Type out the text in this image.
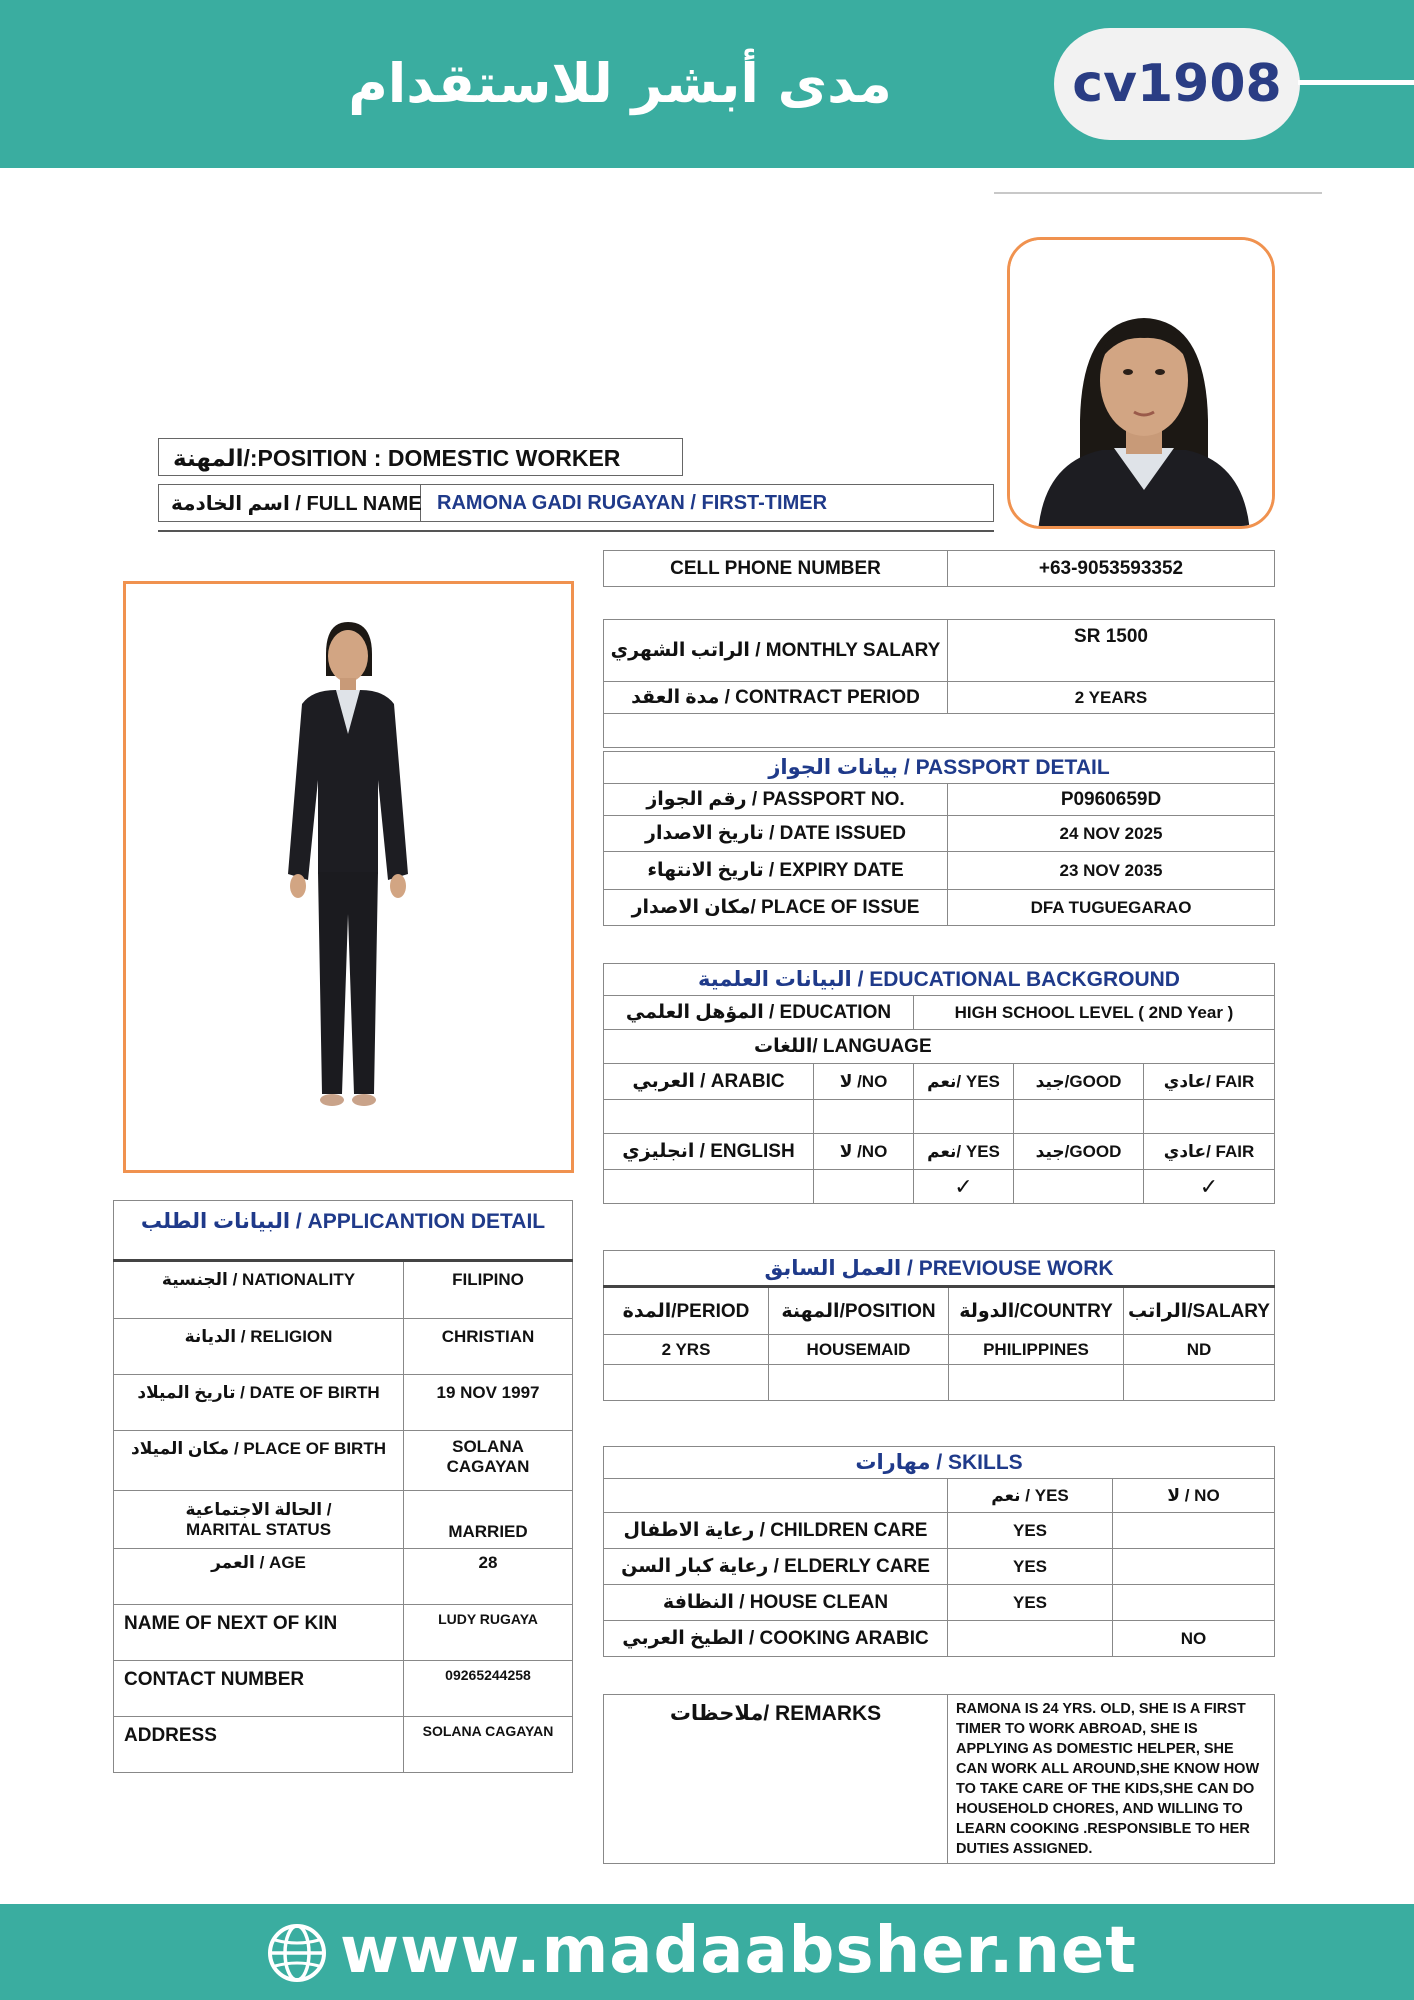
مدى أبشر للاستقدام	cv1908
المهنة/:POSITION : DOMESTIC WORKER
اسم الخادمة / FULL NAME RAMONA GADI RUGAYAN / FIRST-TIMER
CELL PHONE NUMBER	+63-9053593352
الراتب الشهري / MONTHLY SALARY	SR 1500
مدة العقد / CONTRACT PERIOD	2 YEARS

بيانات الجواز / PASSPORT DETAIL	
رقم الجواز / PASSPORT NO.	P0960659D
تاريخ الاصدار / DATE ISSUED	24 NOV 2025
تاريخ الانتهاء / EXPIRY DATE	23 NOV 2035
مكان الاصدار/ PLACE OF ISSUE	DFA TUGUEGARAO
البيانات العلمية / EDUCATIONAL BACKGROUND				
المؤهل العلمي / EDUCATION		HIGH SCHOOL LEVEL ( 2ND Year )		
اللغات/ LANGUAGE				
العربي / ARABIC	لا /NO	نعم/ YES	جيد/GOOD	عادي/ FAIR

انجليزي / ENGLISH	لا /NO	نعم/ YES	جيد/GOOD	عادي/ FAIR
		✓		✓
البيانات الطلب / APPLICANTION DETAIL	
الجنسية / NATIONALITY	FILIPINO
الديانة / RELIGION	CHRISTIAN
تاريخ الميلاد / DATE OF BIRTH	19 NOV 1997
مكان الميلاد / PLACE OF BIRTH	SOLANA CAGAYAN
الحالة الاجتماعية / MARITAL STATUS	MARRIED
العمر / AGE	28
NAME OF NEXT OF KIN	LUDY RUGAYA
CONTACT NUMBER	09265244258
ADDRESS	SOLANA CAGAYAN
العمل السابق / PREVIOUSE WORK			
المدة/PERIOD	المهنة/POSITION	الدولة/COUNTRY	الراتب/SALARY
2 YRS	HOUSEMAID	PHILIPPINES	ND

مهارات / SKILLS		
	نعم / YES	لا / NO
رعاية الاطفال / CHILDREN CARE	YES	
رعاية كبار السن / ELDERLY CARE	YES	
النظافة / HOUSE CLEAN	YES	
الطيخ العربي / COOKING ARABIC		NO
ملاحظات/ REMARKS	RAMONA IS 24 YRS. OLD, SHE IS A FIRST TIMER TO WORK ABROAD, SHE IS APPLYING AS DOMESTIC HELPER, SHE CAN WORK ALL AROUND,SHE KNOW HOW TO TAKE CARE OF THE KIDS,SHE CAN DO HOUSEHOLD CHORES, AND WILLING TO LEARN COOKING .RESPONSIBLE TO HER DUTIES ASSIGNED.
www.madaabsher.net
